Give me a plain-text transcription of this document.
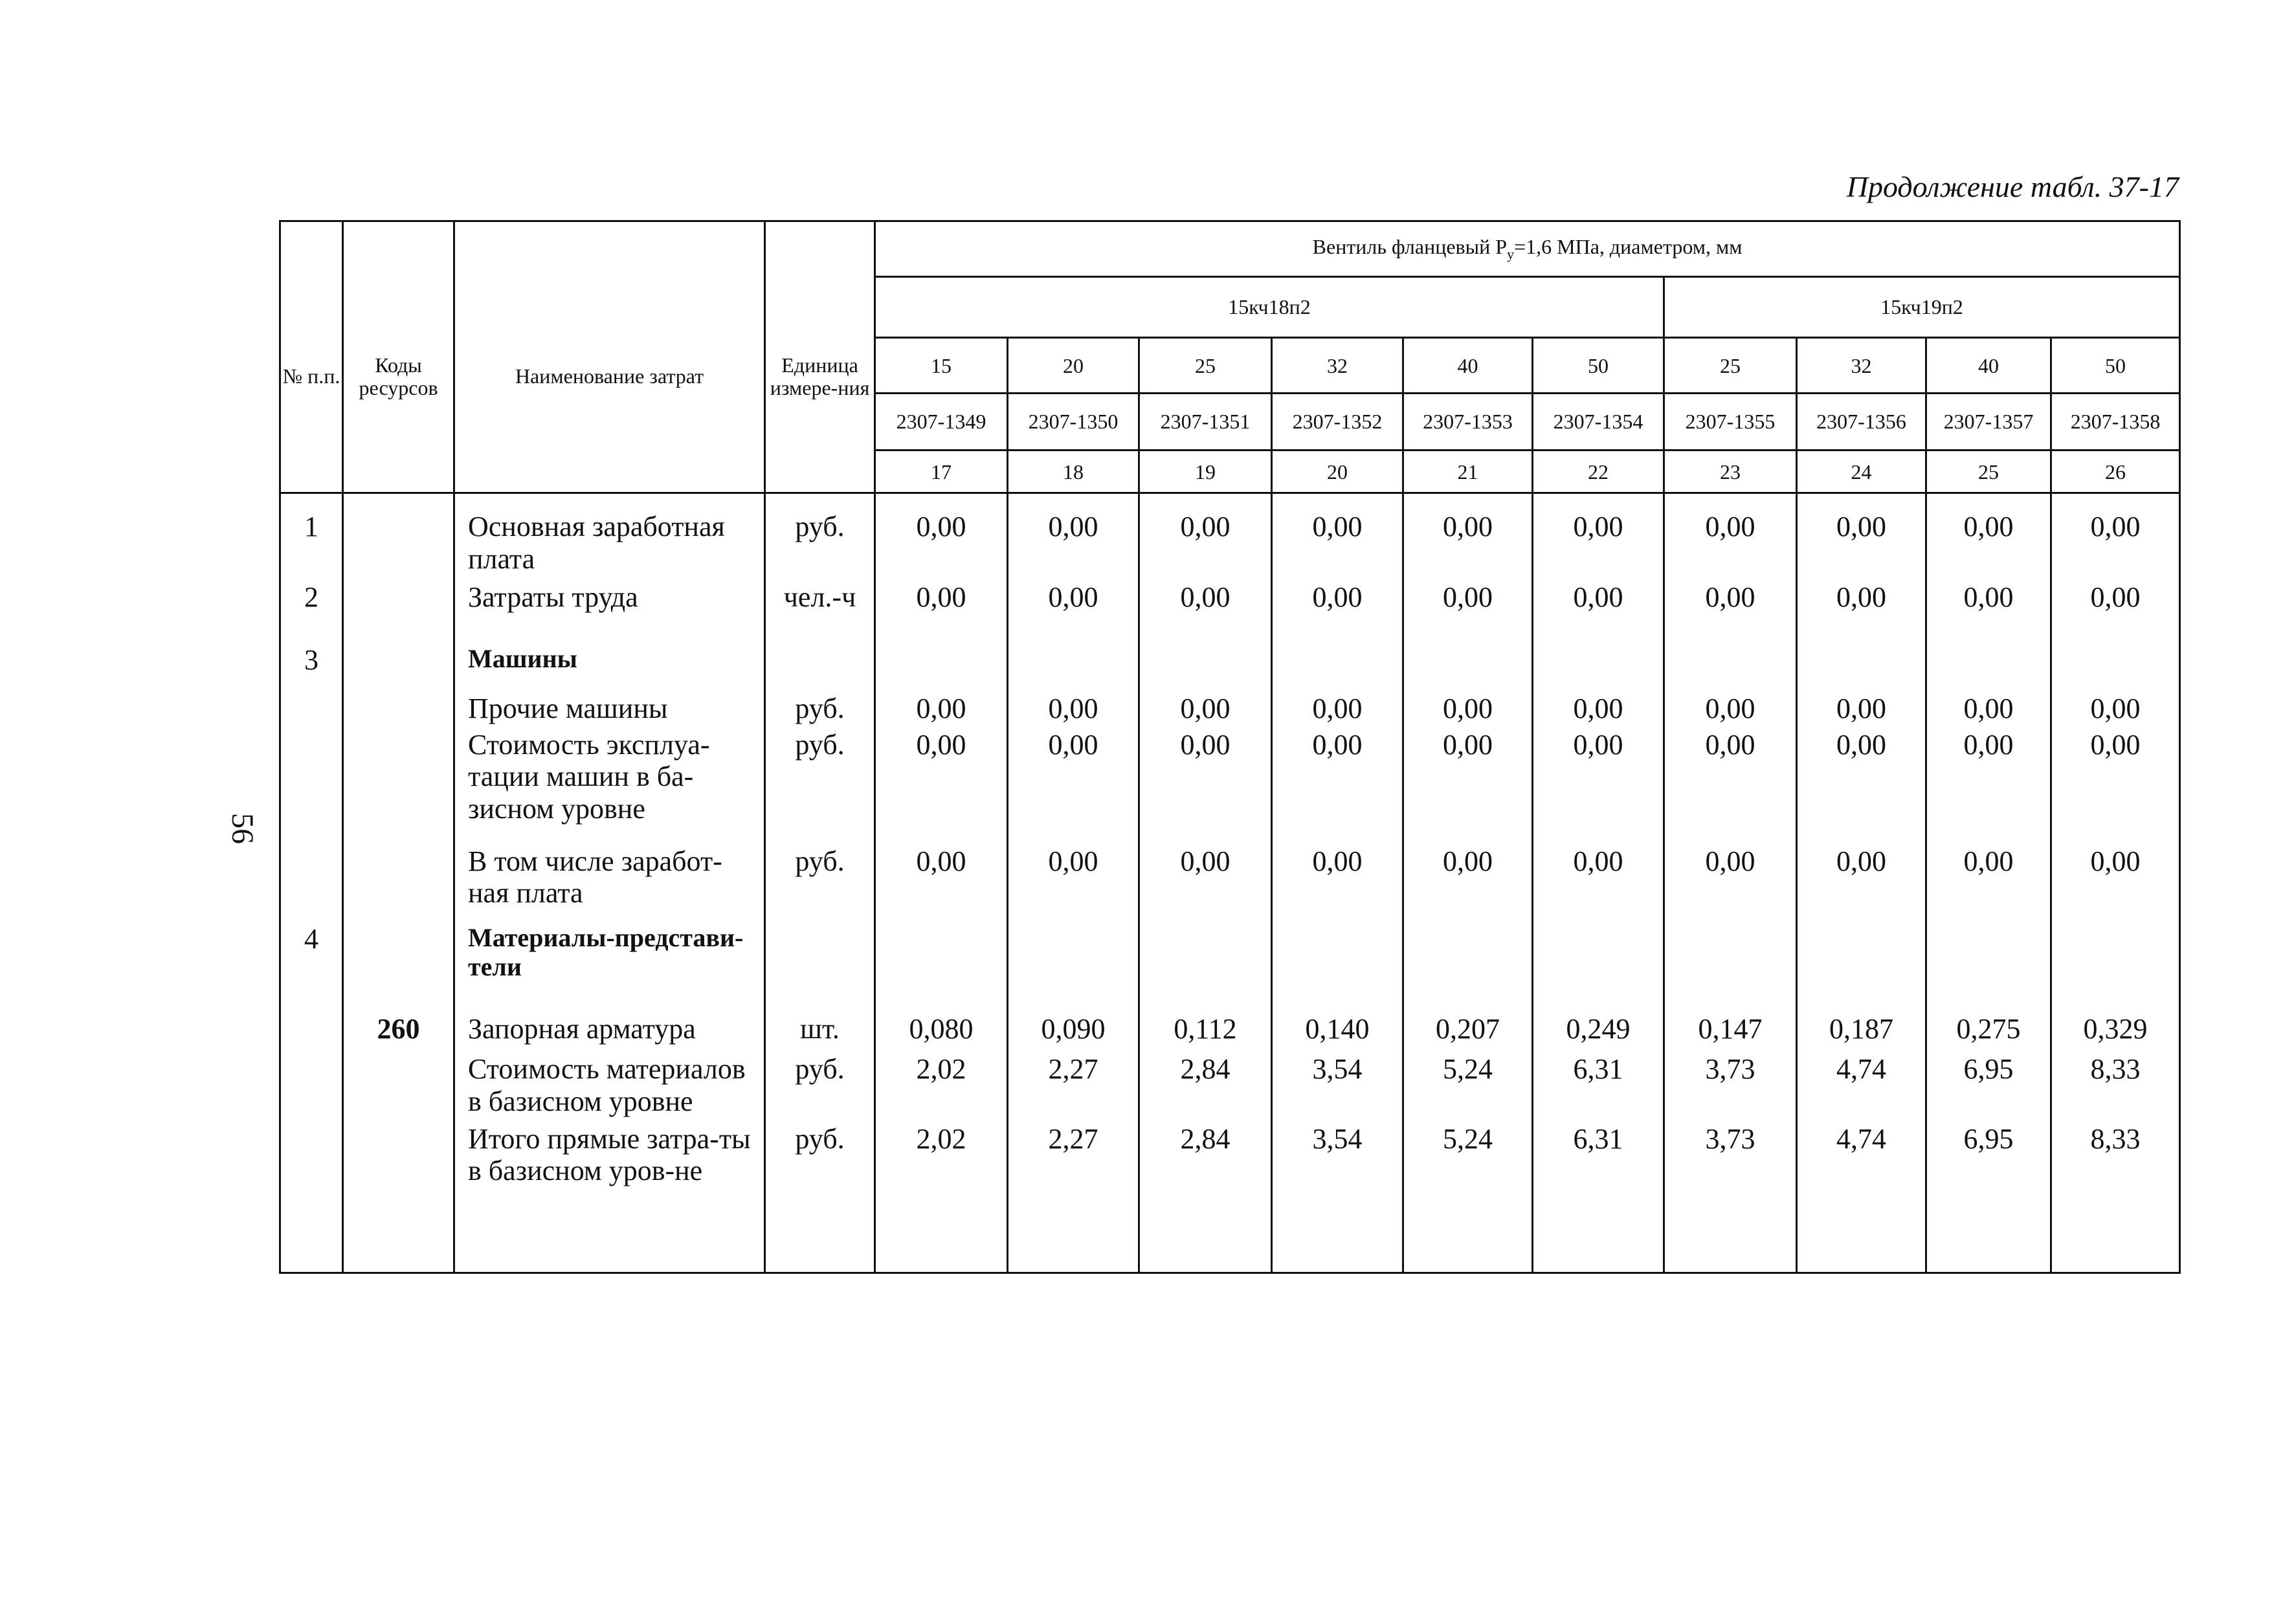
Продолжение табл. 37-17
56
№ п.п.	Коды ресурсов	Наименование затрат	Единица измере-ния	Вентиль фланцевый $Р_у=1,6$ МПа, диаметром, мм									
				15кч18п2						15кч19п2			
				15	20	25	32	40	50	25	32	40	50
				2307-1349	2307-1350	2307-1351	2307-1352	2307-1353	2307-1354	2307-1355	2307-1356	2307-1357	2307-1358
				17	18	19	20	21	22	23	24	25	26
1		Основная заработная плата	руб.	0,00	0,00	0,00	0,00	0,00	0,00	0,00	0,00	0,00	0,00
2		Затраты труда	чел.-ч	0,00	0,00	0,00	0,00	0,00	0,00	0,00	0,00	0,00	0,00
3		Машины											
		Прочие машины	руб.	0,00	0,00	0,00	0,00	0,00	0,00	0,00	0,00	0,00	0,00
		Стоимость эксплуа-тации машин в ба-зисном уровне	руб.	0,00	0,00	0,00	0,00	0,00	0,00	0,00	0,00	0,00	0,00
		В том числе заработ-ная плата	руб.	0,00	0,00	0,00	0,00	0,00	0,00	0,00	0,00	0,00	0,00
4		Материалы-представи-тели											
	260	Запорная арматура	шт.	0,080	0,090	0,112	0,140	0,207	0,249	0,147	0,187	0,275	0,329
		Стоимость материалов в базисном уровне	руб.	2,02	2,27	2,84	3,54	5,24	6,31	3,73	4,74	6,95	8,33
		Итого прямые затра-ты в базисном уров-не	руб.	2,02	2,27	2,84	3,54	5,24	6,31	3,73	4,74	6,95	8,33
